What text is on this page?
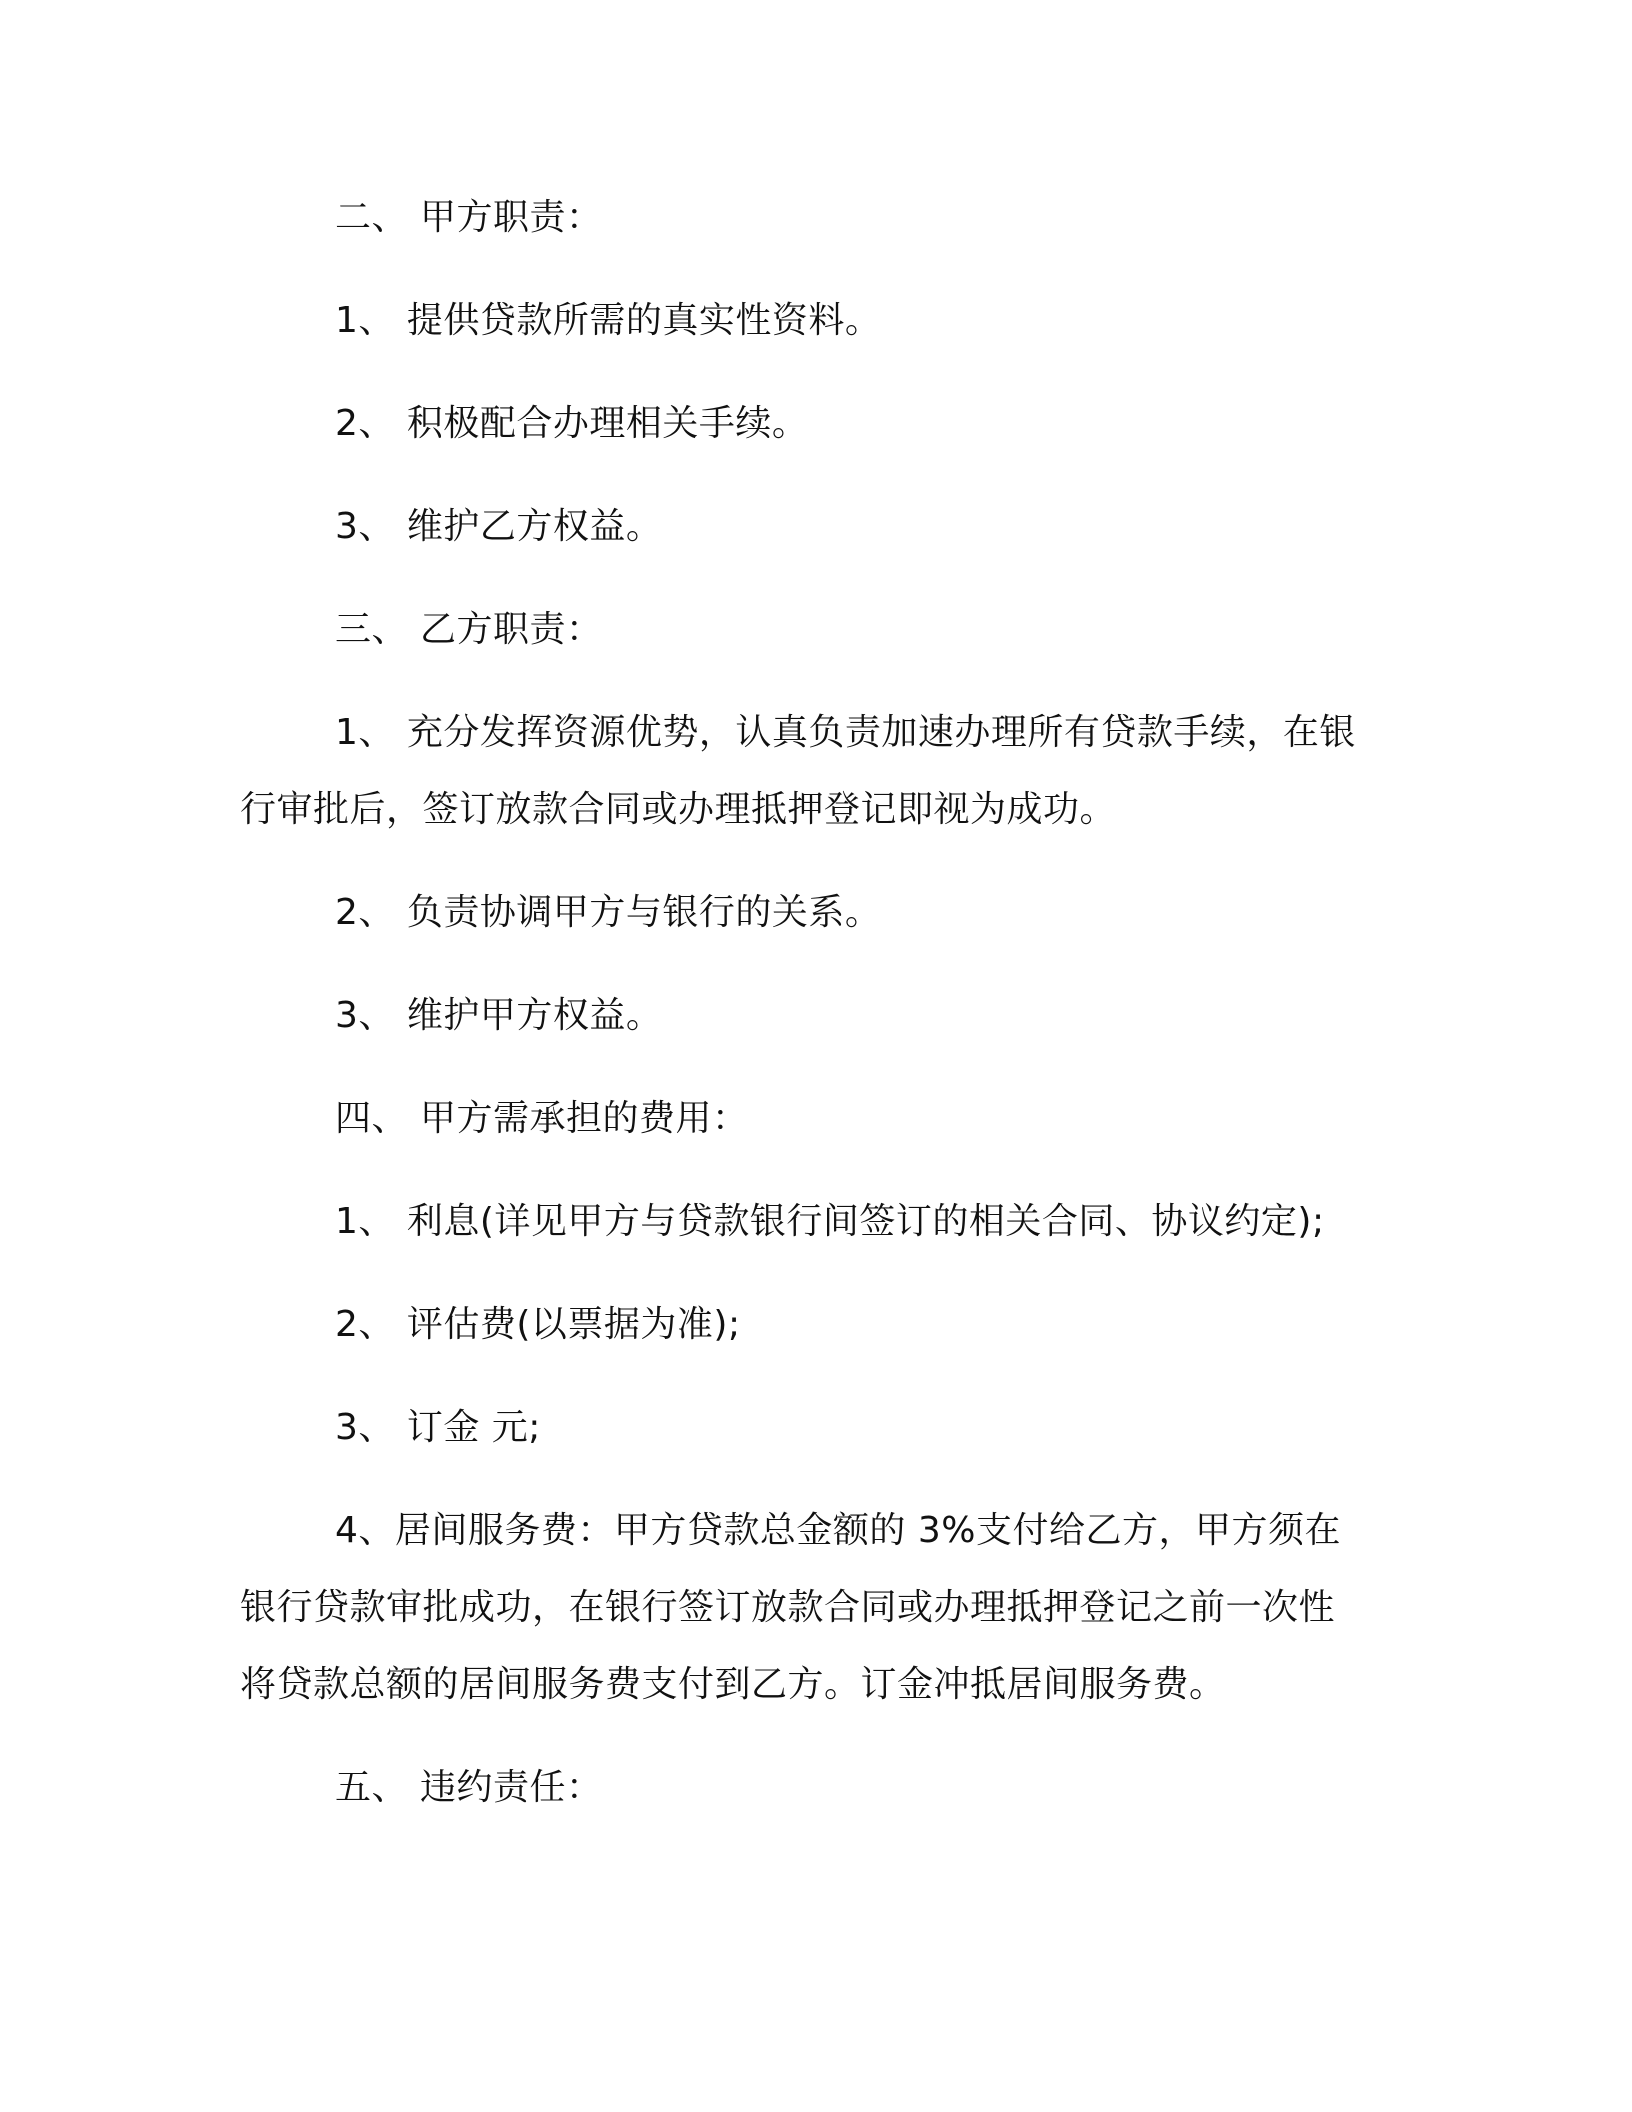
二、 甲方职责：
1、 提供贷款所需的真实性资料。
2、 积极配合办理相关手续。
3、 维护乙方权益。
三、 乙方职责：
1、 充分发挥资源优势，认真负责加速办理所有贷款手续，在银
行审批后，签订放款合同或办理抵押登记即视为成功。
2、 负责协调甲方与银行的关系。
3、 维护甲方权益。
四、 甲方需承担的费用：
1、 利息(详见甲方与贷款银行间签订的相关合同、协议约定);
2、 评估费(以票据为准);
3、 订金 元;
4、居间服务费：甲方贷款总金额的 3%支付给乙方，甲方须在
银行贷款审批成功，在银行签订放款合同或办理抵押登记之前一次性
将贷款总额的居间服务费支付到乙方。订金冲抵居间服务费。
五、 违约责任：
